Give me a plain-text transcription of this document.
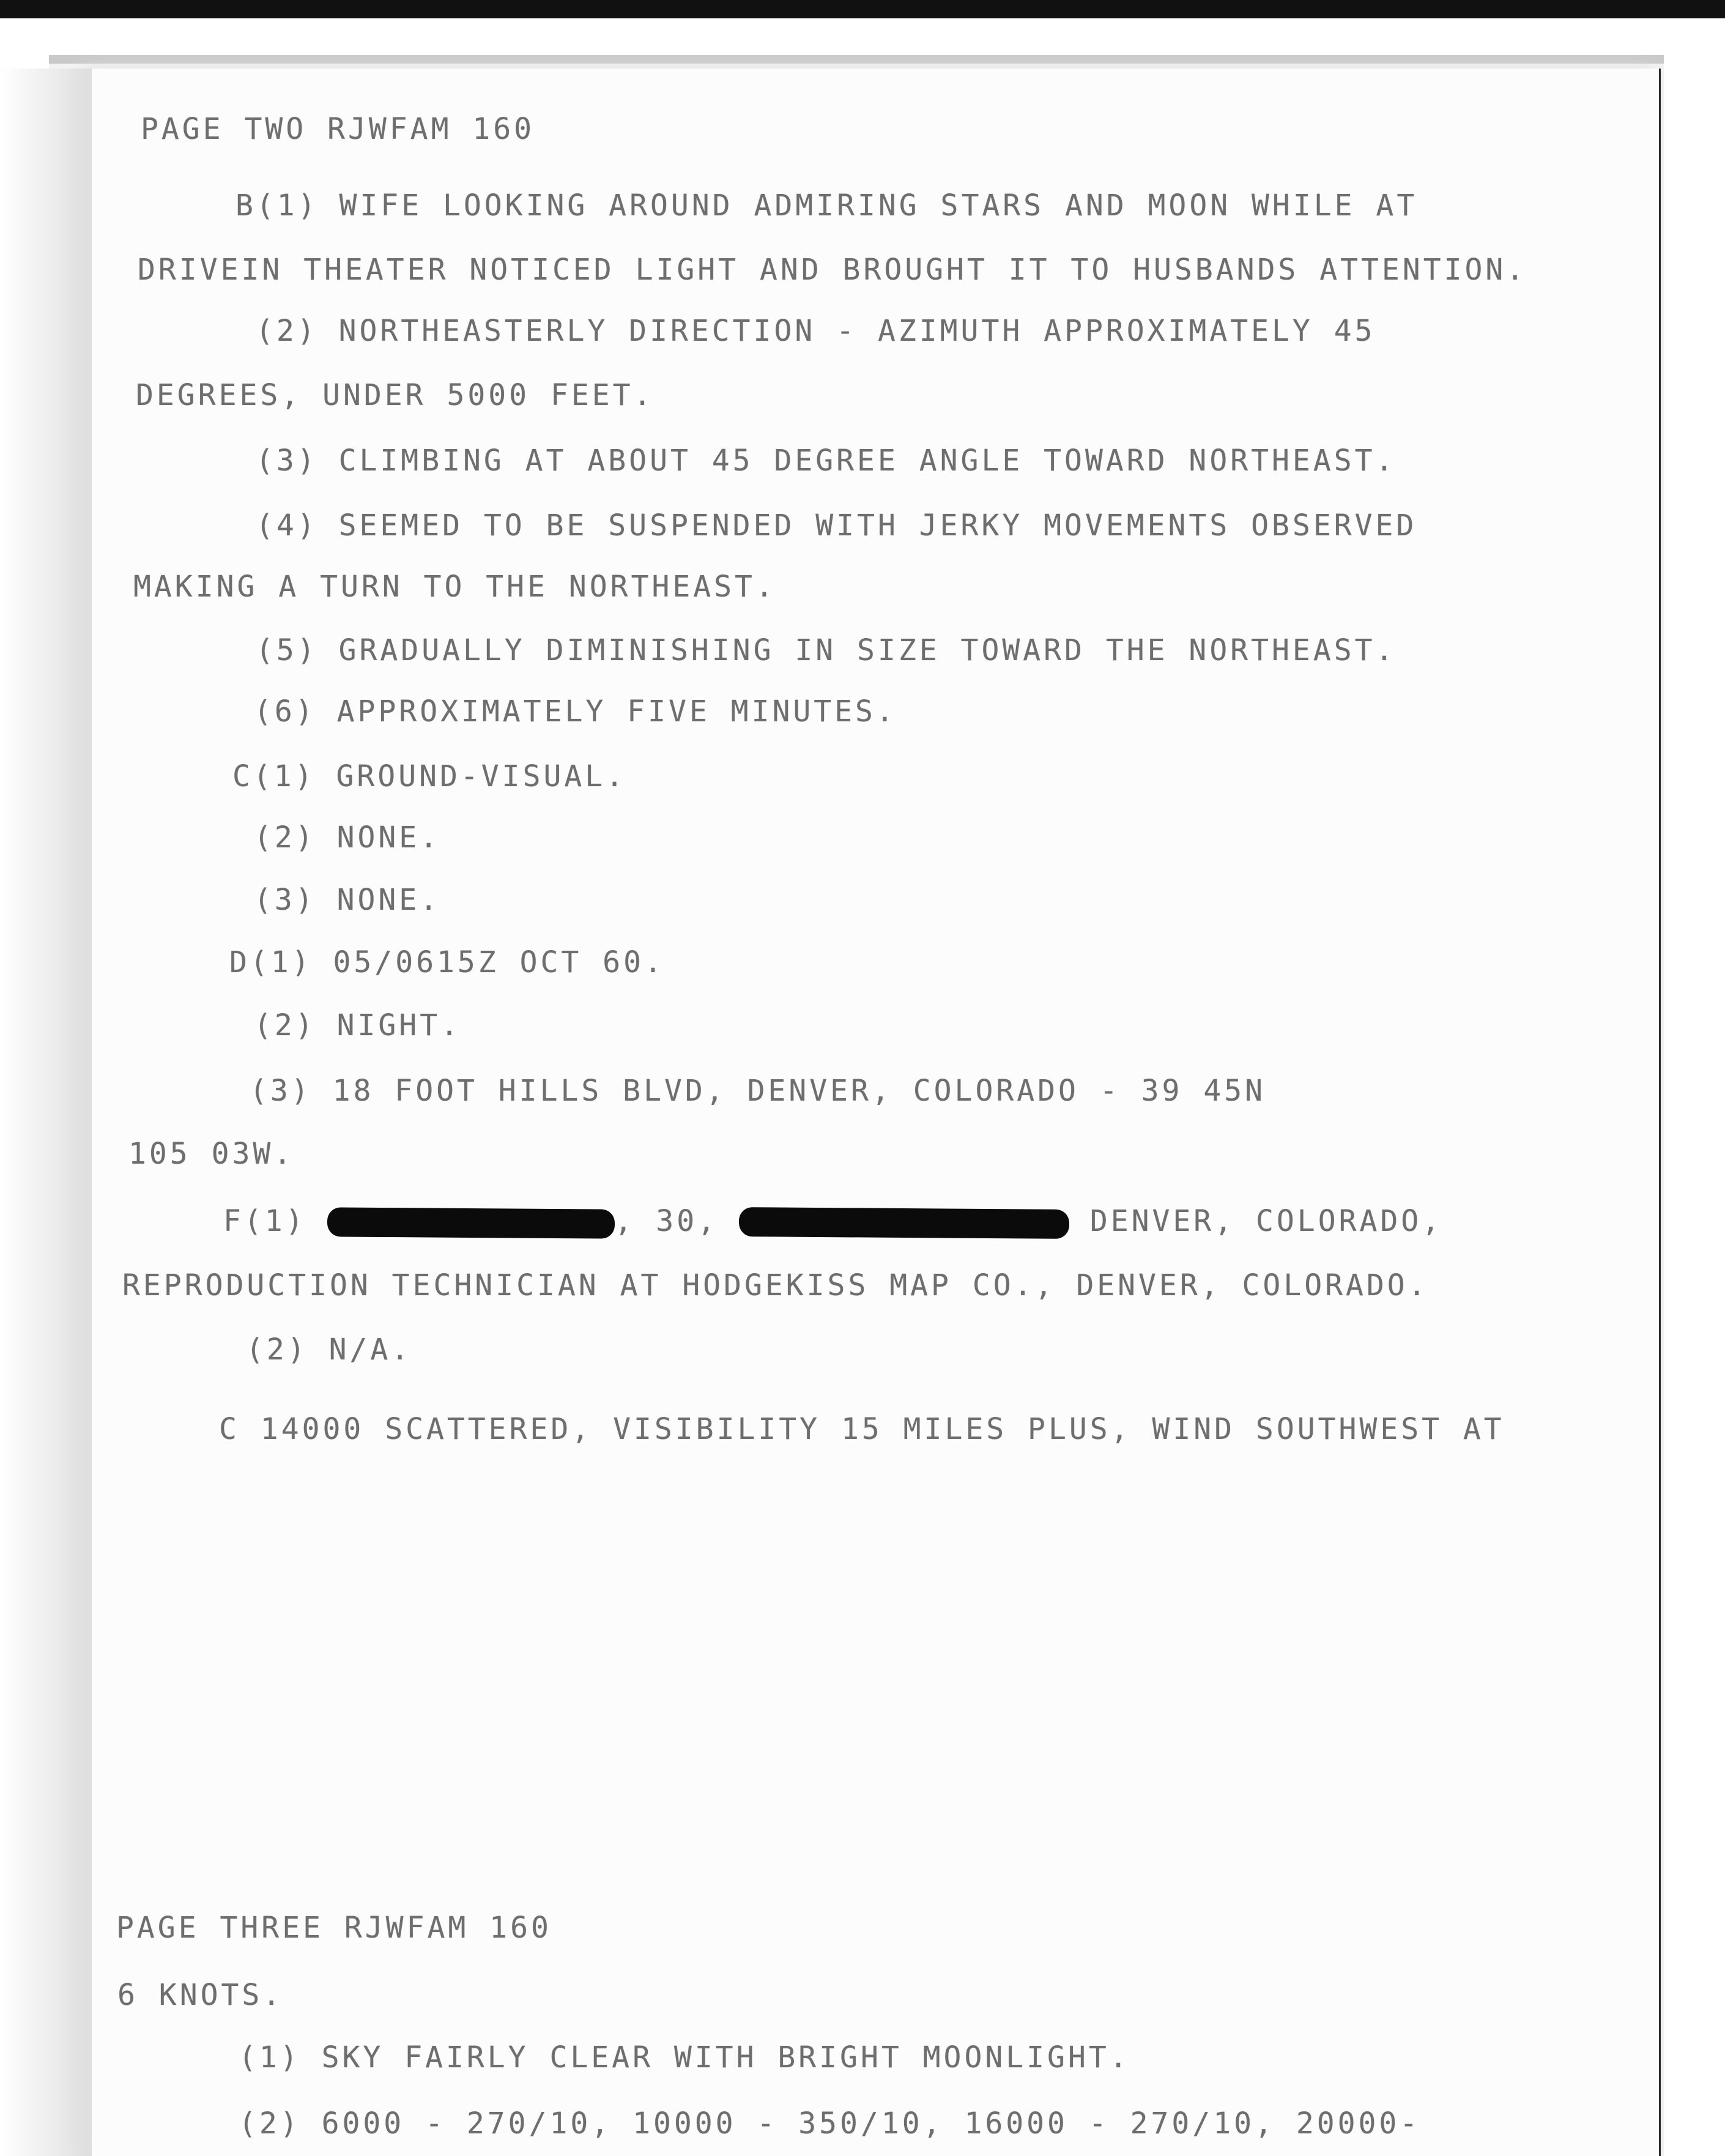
PAGE TWO RJWFAM 160

B(1) WIFE LOOKING AROUND ADMIRING STARS AND MOON WHILE AT

DRIVEIN THEATER NOTICED LIGHT AND BROUGHT IT TO HUSBANDS ATTENTION.

(2) NORTHEASTERLY DIRECTION - AZIMUTH APPROXIMATELY 45

DEGREES, UNDER 5000 FEET.

(3) CLIMBING AT ABOUT 45 DEGREE ANGLE TOWARD NORTHEAST.

(4) SEEMED TO BE SUSPENDED WITH JERKY MOVEMENTS OBSERVED

MAKING A TURN TO THE NORTHEAST.

(5) GRADUALLY DIMINISHING IN SIZE TOWARD THE NORTHEAST.

(6) APPROXIMATELY FIVE MINUTES.

C(1) GROUND-VISUAL.

(2) NONE.

(3) NONE.

D(1) 05/0615Z OCT 60.

(2) NIGHT.

(3) 18 FOOT HILLS BLVD, DENVER, COLORADO - 39 45N

105 03W.

F(1)	, 30,	DENVER, COLORADO,

REPRODUCTION TECHNICIAN AT HODGEKISS MAP CO., DENVER, COLORADO.

(2) N/A.

C 14000 SCATTERED, VISIBILITY 15 MILES PLUS, WIND SOUTHWEST AT

PAGE THREE RJWFAM 160

6 KNOTS.

(1) SKY FAIRLY CLEAR WITH BRIGHT MOONLIGHT.

(2) 6000 - 270/10, 10000 - 350/10, 16000 - 270/10, 20000-
